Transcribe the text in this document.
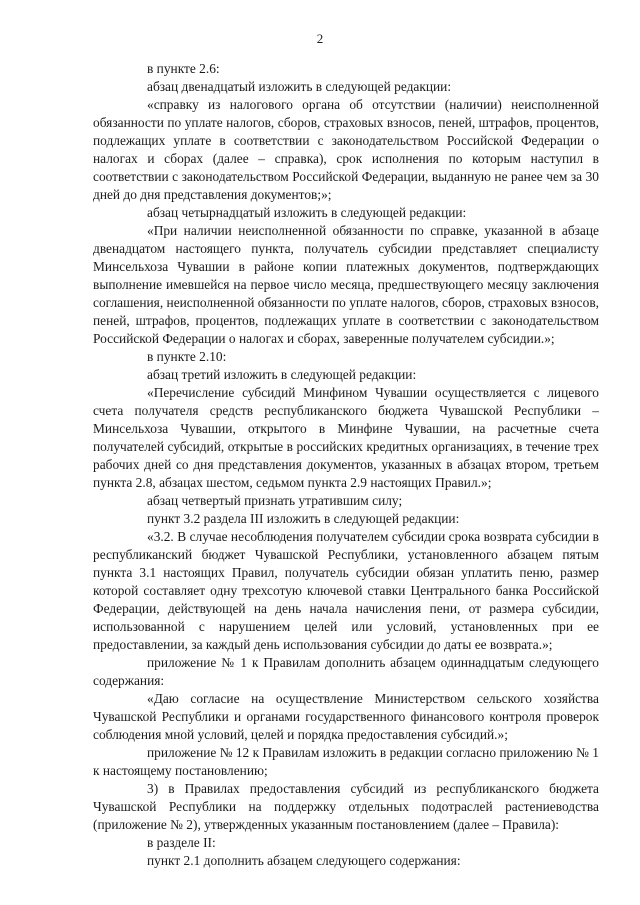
2

в пункте 2.6:

абзац двенадцатый изложить в следующей редакции:

«справку из налогового органа об отсутствии (наличии) неисполненной обязанности по уплате налогов, сборов, страховых взносов, пеней, штрафов, процентов, подлежащих уплате в соответствии с законодательством Российской Федерации о налогах и сборах (далее – справка), срок исполнения по которым наступил в соответствии с законодательством Российской Федерации, выданную не ранее чем за 30 дней до дня представления документов;»;

абзац четырнадцатый изложить в следующей редакции:

«При наличии неисполненной обязанности по справке, указанной в абзаце двенадцатом настоящего пункта, получатель субсидии представляет специалисту Минсельхоза Чувашии в районе копии платежных документов, подтверждающих выполнение имевшейся на первое число месяца, предшествующего месяцу заключения соглашения, неисполненной обязанности по уплате налогов, сборов, страховых взносов, пеней, штрафов, процентов, подлежащих уплате в соответствии с законодательством Российской Федерации о налогах и сборах, заверенные получателем субсидии.»;

в пункте 2.10:

абзац третий изложить в следующей редакции:

«Перечисление субсидий Минфином Чувашии осуществляется с лицевого счета получателя средств республиканского бюджета Чувашской Республики – Минсельхоза Чувашии, открытого в Минфине Чувашии, на расчетные счета получателей субсидий, открытые в российских кредитных организациях, в течение трех рабочих дней со дня представления документов, указанных в абзацах втором, третьем пункта 2.8, абзацах шестом, седьмом пункта 2.9 настоящих Правил.»;

абзац четвертый признать утратившим силу;

пункт 3.2 раздела III изложить в следующей редакции:

«3.2. В случае несоблюдения получателем субсидии срока возврата субсидии в республиканский бюджет Чувашской Республики, установленного абзацем пятым пункта 3.1 настоящих Правил, получатель субсидии обязан уплатить пеню, размер которой составляет одну трехсотую ключевой ставки Центрального банка Российской Федерации, действующей на день начала начисления пени, от размера субсидии, использованной с нарушением целей или условий, установленных при ее предоставлении, за каждый день использования субсидии до даты ее возврата.»;

приложение № 1 к Правилам дополнить абзацем одиннадцатым следующего содержания:

«Даю согласие на осуществление Министерством сельского хозяйства Чувашской Республики и органами государственного финансового контроля проверок соблюдения мной условий, целей и порядка предоставления субсидий.»;

приложение № 12 к Правилам изложить в редакции согласно приложению № 1 к настоящему постановлению;

3) в Правилах предоставления субсидий из республиканского бюджета Чувашской Республики на поддержку отдельных подотраслей растениеводства (приложение № 2), утвержденных указанным постановлением (далее – Правила):

в разделе II:

пункт 2.1 дополнить абзацем следующего содержания:
